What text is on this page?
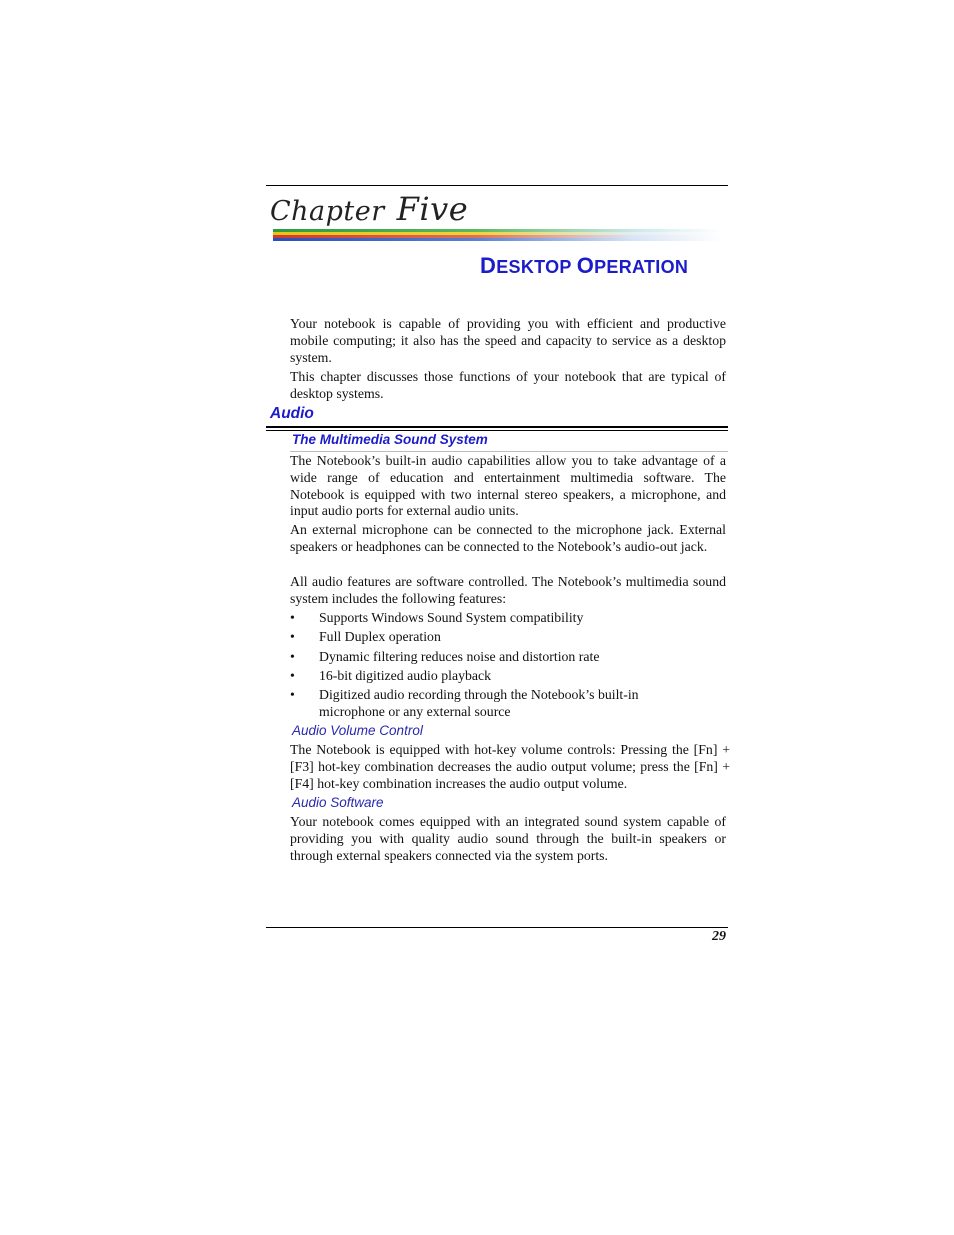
Chapter Five
DESKTOP OPERATION

Your notebook is capable of providing you with efficient and productive mobile computing; it also has the speed and capacity to service as a desktop system.

This chapter discusses those functions of your notebook that are typical of desktop systems.

Audio
The Multimedia Sound System

The Notebook’s built-in audio capabilities allow you to take advantage of a wide range of education and entertainment multimedia software. The Notebook is equipped with two internal stereo speakers, a microphone, and input audio ports for external audio units.

An external microphone can be connected to the microphone jack. External speakers or headphones can be connected to the Notebook’s audio-out jack.

All audio features are software controlled. The Notebook’s multimedia sound system includes the following features:

• Supports Windows Sound System compatibility
• Full Duplex operation
• Dynamic filtering reduces noise and distortion rate
• 16-bit digitized audio playback
• Digitized audio recording through the Notebook’s built-in microphone or any external source
Audio Volume Control

The Notebook is equipped with hot-key volume controls: Pressing the [Fn] + [F3] hot-key combination decreases the audio output volume; press the [Fn] + [F4] hot-key combination increases the audio output volume.

Audio Software

Your notebook comes equipped with an integrated sound system capable of providing you with quality audio sound through the built-in speakers or through external speakers connected via the system ports.

29
